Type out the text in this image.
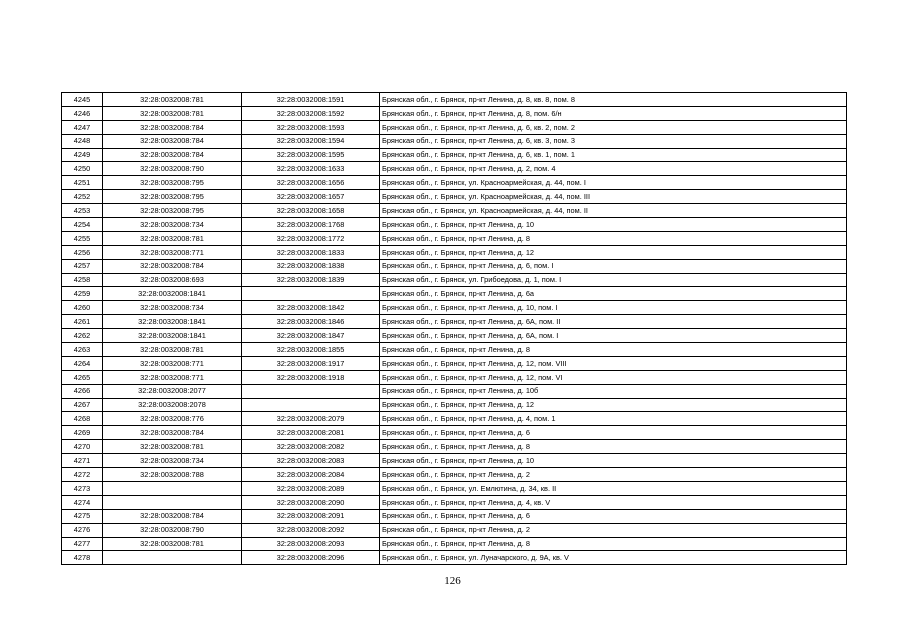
4245	32:28:0032008:781	32:28:0032008:1591	Брянская обл., г. Брянск, пр-кт Ленина, д. 8, кв. 8, пом. 8
4246	32:28:0032008:781	32:28:0032008:1592	Брянская обл., г. Брянск, пр-кт Ленина, д. 8, пом. 6/н
4247	32:28:0032008:784	32:28:0032008:1593	Брянская обл., г. Брянск, пр-кт Ленина, д. 6, кв. 2, пом. 2
4248	32:28:0032008:784	32:28:0032008:1594	Брянская обл., г. Брянск, пр-кт Ленина, д. 6, кв. 3, пом. 3
4249	32:28:0032008:784	32:28:0032008:1595	Брянская обл., г. Брянск, пр-кт Ленина, д. 6, кв. 1, пом. 1
4250	32:28:0032008:790	32:28:0032008:1633	Брянская обл., г. Брянск, пр-кт Ленина, д. 2, пом. 4
4251	32:28:0032008:795	32:28:0032008:1656	Брянская обл., г. Брянск, ул. Красноармейская, д. 44, пом. I
4252	32:28:0032008:795	32:28:0032008:1657	Брянская обл., г. Брянск, ул. Красноармейская, д. 44, пом. III
4253	32:28:0032008:795	32:28:0032008:1658	Брянская обл., г. Брянск, ул. Красноармейская, д. 44, пом. II
4254	32:28:0032008:734	32:28:0032008:1768	Брянская обл., г. Брянск, пр-кт Ленина, д. 10
4255	32:28:0032008:781	32:28:0032008:1772	Брянская обл., г. Брянск, пр-кт Ленина, д. 8
4256	32:28:0032008:771	32:28:0032008:1833	Брянская обл., г. Брянск, пр-кт Ленина, д. 12
4257	32:28:0032008:784	32:28:0032008:1838	Брянская обл., г. Брянск, пр-кт Ленина, д. 6, пом. I
4258	32:28:0032008:693	32:28:0032008:1839	Брянская обл., г. Брянск, ул. Грибоедова, д. 1, пом. I
4259	32:28:0032008:1841		Брянская обл., г. Брянск, пр-кт Ленина, д. 6а
4260	32:28:0032008:734	32:28:0032008:1842	Брянская обл., г. Брянск, пр-кт Ленина, д. 10, пом. I
4261	32:28:0032008:1841	32:28:0032008:1846	Брянская обл., г. Брянск, пр-кт Ленина, д. 6А, пом. II
4262	32:28:0032008:1841	32:28:0032008:1847	Брянская обл., г. Брянск, пр-кт Ленина, д. 6А, пом. I
4263	32:28:0032008:781	32:28:0032008:1855	Брянская обл., г. Брянск, пр-кт Ленина, д. 8
4264	32:28:0032008:771	32:28:0032008:1917	Брянская обл., г. Брянск, пр-кт Ленина, д. 12, пом. VIII
4265	32:28:0032008:771	32:28:0032008:1918	Брянская обл., г. Брянск, пр-кт Ленина, д. 12, пом. VI
4266	32:28:0032008:2077		Брянская обл., г. Брянск, пр-кт Ленина, д. 10б
4267	32:28:0032008:2078		Брянская обл., г. Брянск, пр-кт Ленина, д. 12
4268	32:28:0032008:776	32:28:0032008:2079	Брянская обл., г. Брянск, пр-кт Ленина, д. 4, пом. 1
4269	32:28:0032008:784	32:28:0032008:2081	Брянская обл., г. Брянск, пр-кт Ленина, д. 6
4270	32:28:0032008:781	32:28:0032008:2082	Брянская обл., г. Брянск, пр-кт Ленина, д. 8
4271	32:28:0032008:734	32:28:0032008:2083	Брянская обл., г. Брянск, пр-кт Ленина, д. 10
4272	32:28:0032008:788	32:28:0032008:2084	Брянская обл., г. Брянск, пр-кт Ленина, д. 2
4273		32:28:0032008:2089	Брянская обл., г. Брянск, ул. Емлютина, д. 34, кв. II
4274		32:28:0032008:2090	Брянская обл., г. Брянск, пр-кт Ленина, д. 4, кв. V
4275	32:28:0032008:784	32:28:0032008:2091	Брянская обл., г. Брянск, пр-кт Ленина, д. 6
4276	32:28:0032008:790	32:28:0032008:2092	Брянская обл., г. Брянск, пр-кт Ленина, д. 2
4277	32:28:0032008:781	32:28:0032008:2093	Брянская обл., г. Брянск, пр-кт Ленина, д. 8
4278		32:28:0032008:2096	Брянская обл., г. Брянск, ул. Луначарского, д. 9А, кв. V
126
